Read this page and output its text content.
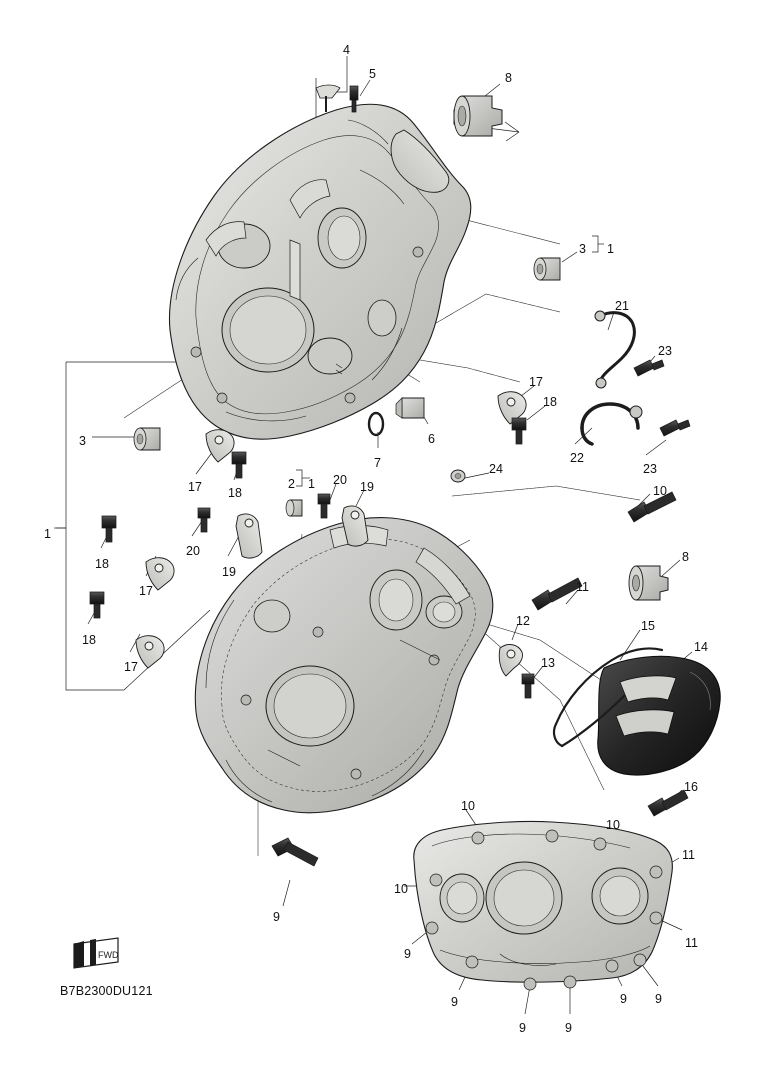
FWD
B7B2300DU121
4
5	8
3 1
21
23
17
18
22
23
3
17 18
6
7	24
10
2 1 20 19
1
18
20
17
19
8
11
12	15
14
18
17	13
16
10
10
11
10
11
9
9
9
9	9
9 9
